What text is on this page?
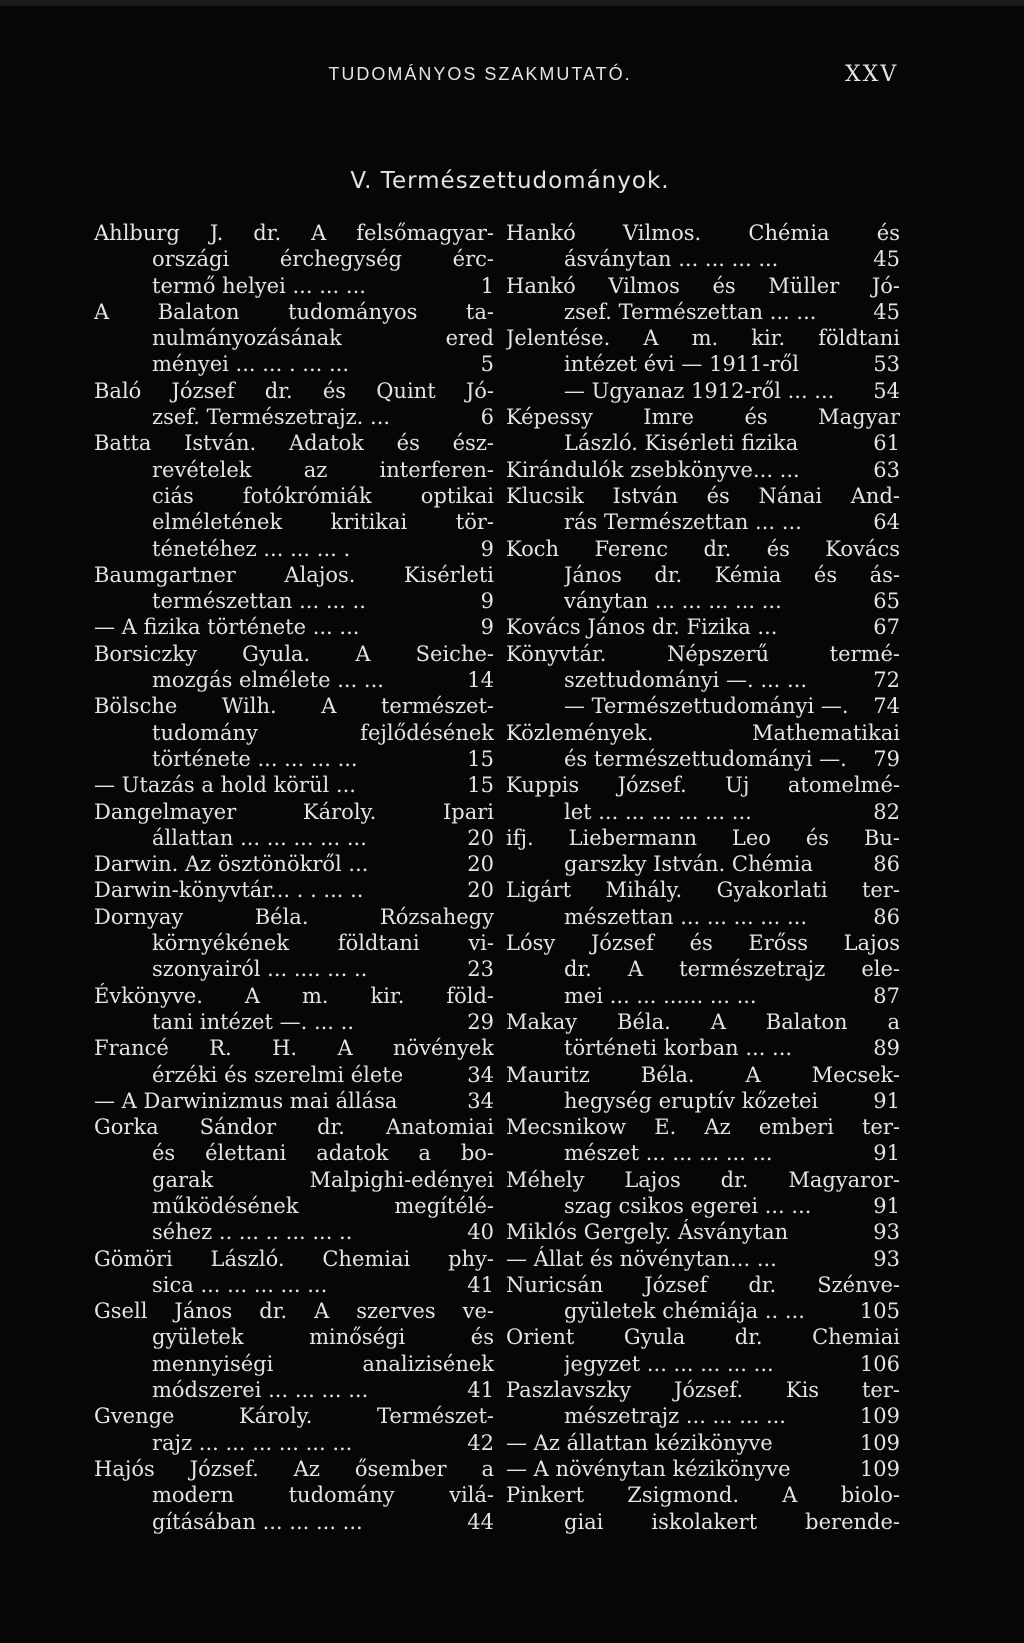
TUDOMÁNYOS SZAKMUTATÓ.	XXV
V. Természettudományok.
Ahlburg J. dr. A felsőmagyar-
országi érchegység érc-
termő helyei ... ... ...	1
A Balaton tudományos ta-
nulmányozásának ered
ményei ... ... . ... ...	5
Baló József dr. és Quint Jó-
zsef. Természetrajz. ...	6
Batta István. Adatok és ész-
revételek az interferen-
ciás fotókrómiák optikai
elméletének kritikai tör-
ténetéhez ... ... ... .	9
Baumgartner Alajos. Kisérleti
természettan ... ... ..	9
— A fizika története ... ...	9
Borsiczky Gyula. A Seiche-
mozgás elmélete ... ...	14
Bölsche Wilh. A természet-
tudomány fejlődésének
története ... ... ... ...	15
— Utazás a hold körül ...	15
Dangelmayer Károly. Ipari
állattan ... ... ... ... ...	20
Darwin. Az ösztönökről ...	20
Darwin-könyvtár... . . ... ..	20
Dornyay Béla. Rózsahegy
környékének földtani vi-
szonyairól ... .... ... ..	23
Évkönyve. A m. kir. föld-
tani intézet —. ... ..	29
Francé R. H. A növények
érzéki és szerelmi élete	34
— A Darwinizmus mai állása	34
Gorka Sándor dr. Anatomiai
és élettani adatok a bo-
garak Malpighi-edényei
működésének megítélé-
séhez .. ... .. ... ... ..	40
Gömöri László. Chemiai phy-
sica ... ... ... ... ...	41
Gsell János dr. A szerves ve-
gyületek minőségi és
mennyiségi analizisének
módszerei ... ... ... ...	41
Gvenge Károly. Természet-
rajz ... ... ... ... ... ...	42
Hajós József. Az ősember a
modern tudomány vilá-
gításában ... ... ... ...	44
Hankó Vilmos. Chémia és
ásványtan ... ... ... ...	45
Hankó Vilmos és Müller Jó-
zsef. Természettan ... ...	45
Jelentése. A m. kir. földtani
intézet évi — 1911-ről	53
— Ugyanaz 1912-ről ... ... 54
Képessy Imre és Magyar
László. Kisérleti fizika	61
Kirándulók zsebkönyve... ...	63
Klucsik István és Nánai And-
rás Természettan ... ...	64
Koch Ferenc dr. és Kovács
János dr. Kémia és ás-
ványtan ... ... ... ... ...	65
Kovács János dr. Fizika ...	67
Könyvtár. Népszerű termé-
szettudományi —. ... ...	72
— Természettudományi —. 74
Közlemények. Mathematikai
és természettudományi —. 79
Kuppis József. Uj atomelmé-
let ... ... ... ... ... ...	82
ifj. Liebermann Leo és Bu-
garszky István. Chémia	86
Ligárt Mihály. Gyakorlati ter-
mészettan ... ... ... ... ...	86
Lósy József és Erőss Lajos
dr. A természetrajz ele-
mei ... ... ...... ... ...	87
Makay Béla. A Balaton a
történeti korban ... ...	89
Mauritz Béla. A Mecsek-
hegység eruptív kőzetei	91
Mecsnikow E. Az emberi ter-
mészet ... ... ... ... ...	91
Méhely Lajos dr. Magyaror-
szag csikos egerei ... ...	91
Miklós Gergely. Ásványtan	93
— Állat és növénytan... ...	93
Nuricsán József dr. Szénve-
gyületek chémiája .. ...	105
Orient Gyula dr. Chemiai
jegyzet ... ... ... ... ...	106
Paszlavszky József. Kis ter-
mészetrajz ... ... ... ...	109
— Az állattan kézikönyve	109
— A növénytan kézikönyve	109
Pinkert Zsigmond. A biolo-
giai iskolakert berende-
